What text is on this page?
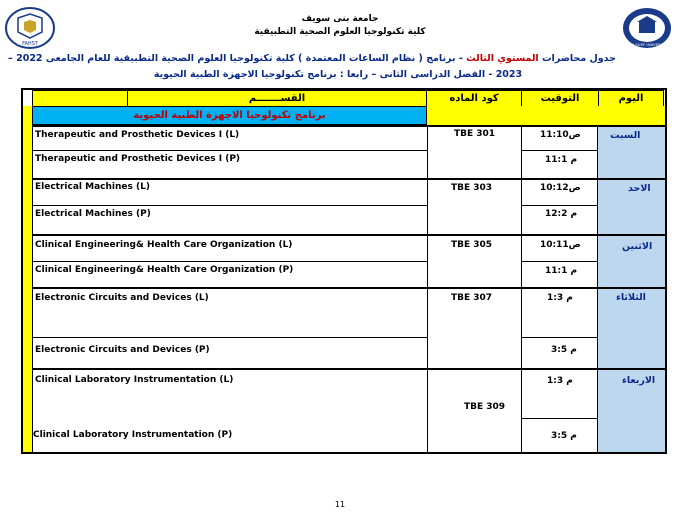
FAHST	BENI-SUEF UNIVERSITY
جامعة بنى سويف
كلية تكنولوجيا العلوم الصحية التطبيقية
جدول محاضرات المستوي الثالث - برنامج ( نظام الساعات المعتمدة ) كلية تكنولوجيا العلوم الصحية التطبيقية للعام الجامعى 2022 –
2023 - الفصل الدراسى الثانى – رابعا : برنامج تكنولوجيا الاجهزة الطبية الحيوية
اليوم
التوقيت
كود الماده
القســـــــم
برنامج تكنولوجيا الاجهزة الطبية الحيوية
السبت
TBE 301
Therapeutic and Prosthetic Devices I (L)	ص11:10
Therapeutic and Prosthetic Devices I (P)	م 11:1
الاحد
TBE 303
Electrical Machines (L)	ص10:12
Electrical Machines (P)	م 12:2
الاثنين
TBE 305
Clinical Engineering& Health Care Organization (L)	ص10:11
Clinical Engineering& Health Care Organization (P)	م 11:1
الثلاثاء
TBE 307
Electronic Circuits and Devices (L)	م 1:3
Electronic Circuits and Devices (P)	م 3:5
الاربعاء
TBE 309
Clinical Laboratory Instrumentation (L)	م 1:3
Clinical Laboratory Instrumentation (P)	م 3:5
11
